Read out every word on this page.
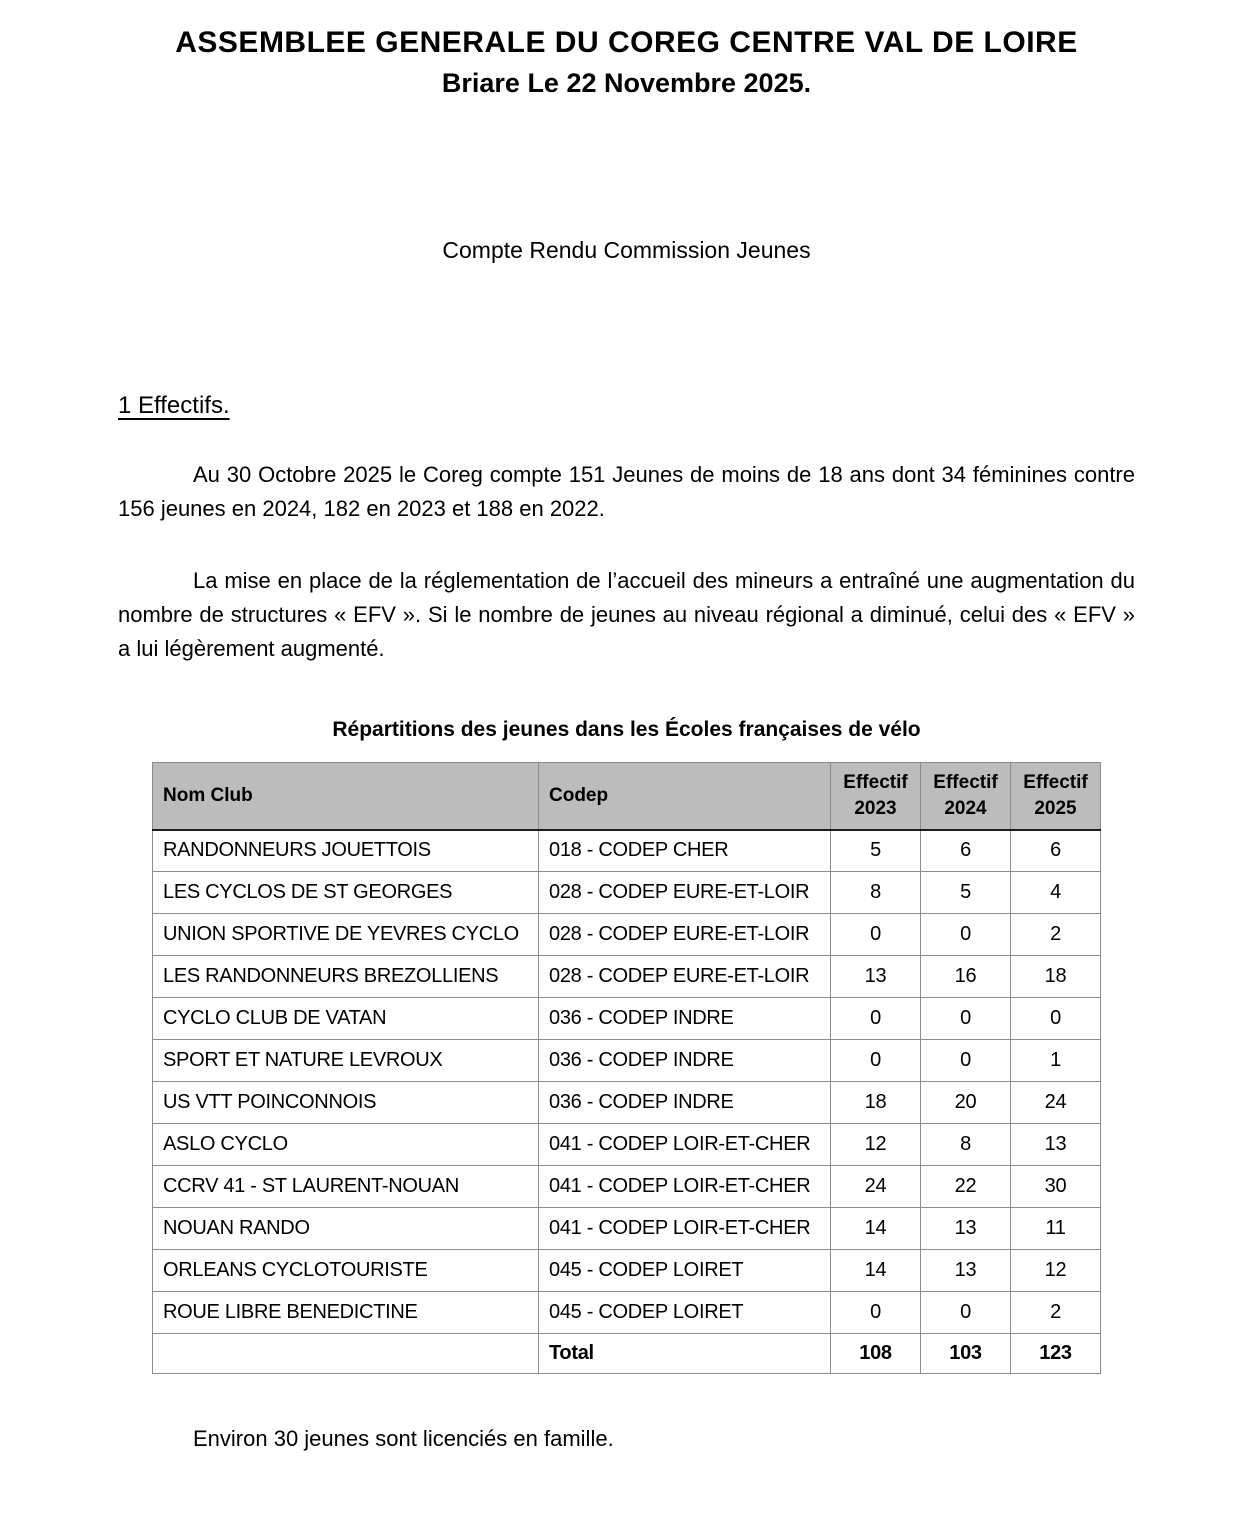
ASSEMBLEE GENERALE DU COREG CENTRE VAL DE LOIRE
Briare Le 22 Novembre 2025.

Compte Rendu Commission Jeunes

1 Effectifs.

Au 30 Octobre 2025 le Coreg compte 151 Jeunes de moins de 18 ans dont 34 féminines contre 156 jeunes en 2024, 182 en 2023 et 188 en 2022.

La mise en place de la réglementation de l’accueil des mineurs a entraîné une augmentation du nombre de structures « EFV ». Si le nombre de jeunes au niveau régional a diminué, celui des « EFV » a lui légèrement augmenté.

Répartitions des jeunes dans les Écoles françaises de vélo
Nom Club	Codep	Effectif 2023	Effectif 2024	Effectif 2025
RANDONNEURS JOUETTOIS	018 - CODEP CHER	5	6	6
LES CYCLOS DE ST GEORGES	028 - CODEP EURE-ET-LOIR	8	5	4
UNION SPORTIVE DE YEVRES CYCLO	028 - CODEP EURE-ET-LOIR	0	0	2
LES RANDONNEURS BREZOLLIENS	028 - CODEP EURE-ET-LOIR	13	16	18
CYCLO CLUB DE VATAN	036 - CODEP INDRE	0	0	0
SPORT ET NATURE LEVROUX	036 - CODEP INDRE	0	0	1
US VTT POINCONNOIS	036 - CODEP INDRE	18	20	24
ASLO CYCLO	041 - CODEP LOIR-ET-CHER	12	8	13
CCRV 41 - ST LAURENT-NOUAN	041 - CODEP LOIR-ET-CHER	24	22	30
NOUAN RANDO	041 - CODEP LOIR-ET-CHER	14	13	11
ORLEANS CYCLOTOURISTE	045 - CODEP LOIRET	14	13	12
ROUE LIBRE BENEDICTINE	045 - CODEP LOIRET	0	0	2
	Total	108	103	123

Environ 30 jeunes sont licenciés en famille.
